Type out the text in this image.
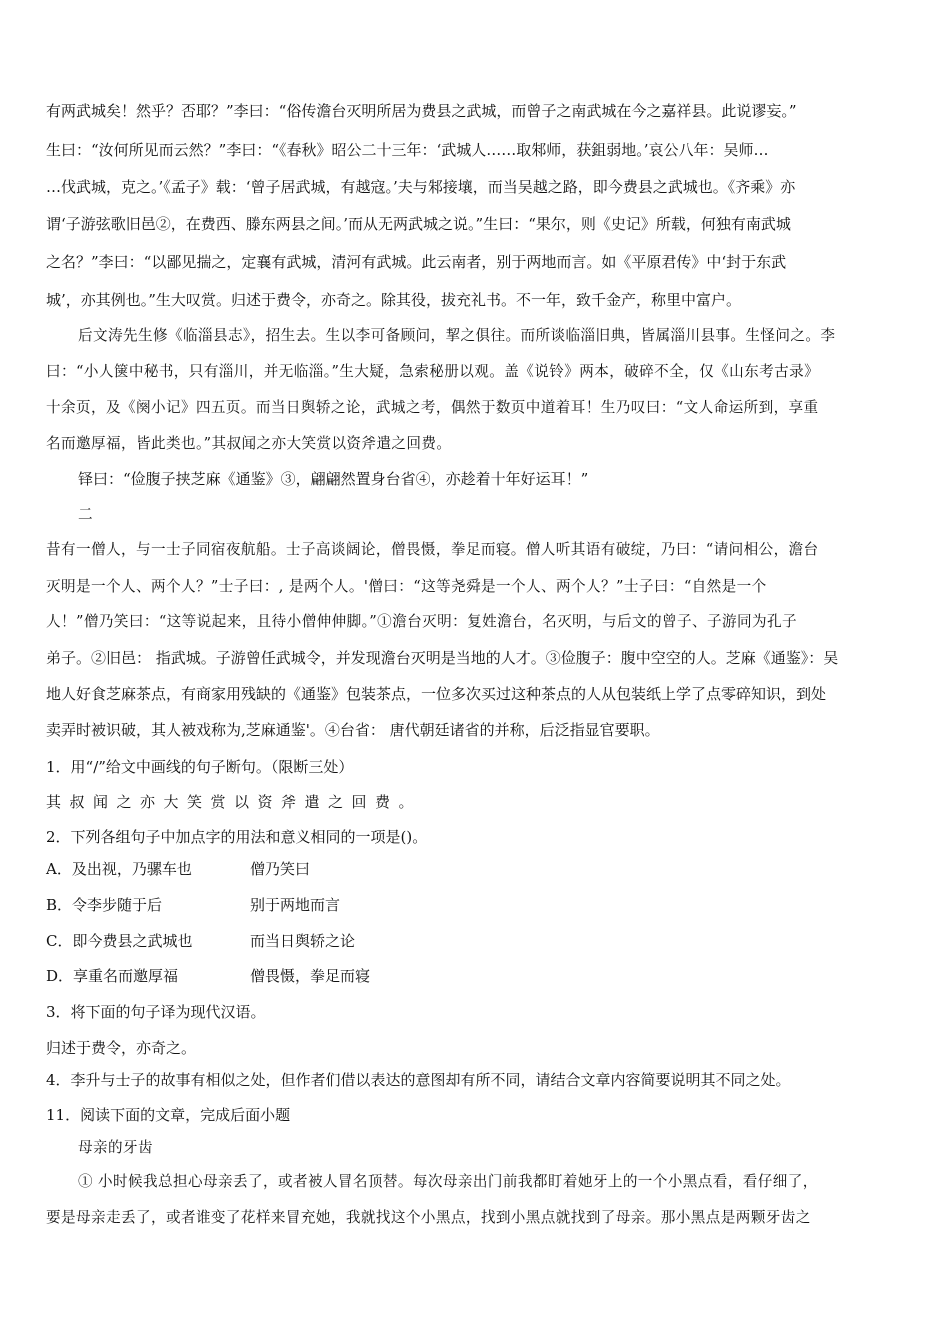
有两武城矣！然乎？否耶？”李曰：“俗传澹台灭明所居为费县之武城，而曾子之南武城在今之嘉祥县。此说谬妄。”
生曰：“汝何所见而云然？”李曰：“《春秋》昭公二十三年：‘武城人……取邾师，获鉏弱地。’哀公八年：吴师…
…伐武城，克之。’《孟子》载：‘曾子居武城，有越寇。’夫与邾接壤，而当吴越之路，即今费县之武城也。《齐乘》亦
谓‘子游弦歌旧邑②，在费西、滕东两县之间。’而从无两武城之说。”生曰：“果尔，则《史记》所载，何独有南武城
之名？”李曰：“以鄙见揣之，定襄有武城，清河有武城。此云南者，别于两地而言。如《平原君传》中‘封于东武
城’，亦其例也。”生大叹赏。归述于费令，亦奇之。除其役，拔充礼书。不一年，致千金产，称里中富户。
后文涛先生修《临淄县志》，招生去。生以李可备顾问，挈之俱往。而所谈临淄旧典，皆属淄川县事。生怪问之。李
曰：“小人箧中秘书，只有淄川，并无临淄。”生大疑，急索秘册以观。盖《说铃》两本，破碎不全，仅《山东考古录》
十余页，及《阕小记》四五页。而当日舆轿之论，武城之考，偶然于数页中道着耳！生乃叹曰：“文人命运所到，享重
名而邀厚福，皆此类也。”其叔闻之亦大笑赏以资斧遣之回费。
铎曰：“俭腹子挟芝麻《通鉴》③，翩翩然置身台省④，亦趁着十年好运耳！”
二
昔有一僧人，与一士子同宿夜航船。士子高谈阔论，僧畏慑，拳足而寝。僧人听其语有破绽，乃曰：“请问相公，澹台
灭明是一个人、两个人？”士子曰：, 是两个人。'僧曰：“这等尧舜是一个人、两个人？”士子曰：“自然是一个
人！”僧乃笑曰：“这等说起来，且待小僧伸伸脚。”①澹台灭明：复姓澹台，名灭明，与后文的曾子、子游同为孔子
弟子。②旧邑： 指武城。子游曾任武城令，并发现澹台灭明是当地的人才。③俭腹子：腹中空空的人。芝麻《通鉴》：吴
地人好食芝麻茶点，有商家用残缺的《通鉴》包装茶点，一位多次买过这种茶点的人从包装纸上学了点零碎知识，到处
卖弄时被识破，其人被戏称为,芝麻通鉴'。④台省： 唐代朝廷诸省的并称，后泛指显官要职。
1．用“/”给文中画线的句子断句。（限断三处）
其叔闻之亦大笑赏以资斧遣之回费。
2．下列各组句子中加点字的用法和意义相同的一项是()。
A．及出视，乃骡车也	僧乃笑曰
B．令李步随于后	别于两地而言
C．即今费县之武城也	而当日舆轿之论
D．享重名而邀厚福	僧畏慑，拳足而寝
3．将下面的句子译为现代汉语。
归述于费令，亦奇之。
4．李升与士子的故事有相似之处，但作者们借以表达的意图却有所不同，请结合文章内容简要说明其不同之处。
11．阅读下面的文章，完成后面小题
母亲的牙齿
① 小时候我总担心母亲丢了，或者被人冒名顶替。每次母亲出门前我都盯着她牙上的一个小黑点看，看仔细了，
要是母亲走丢了，或者谁变了花样来冒充她，我就找这个小黑点，找到小黑点就找到了母亲。那小黑点是两颗牙齿之
